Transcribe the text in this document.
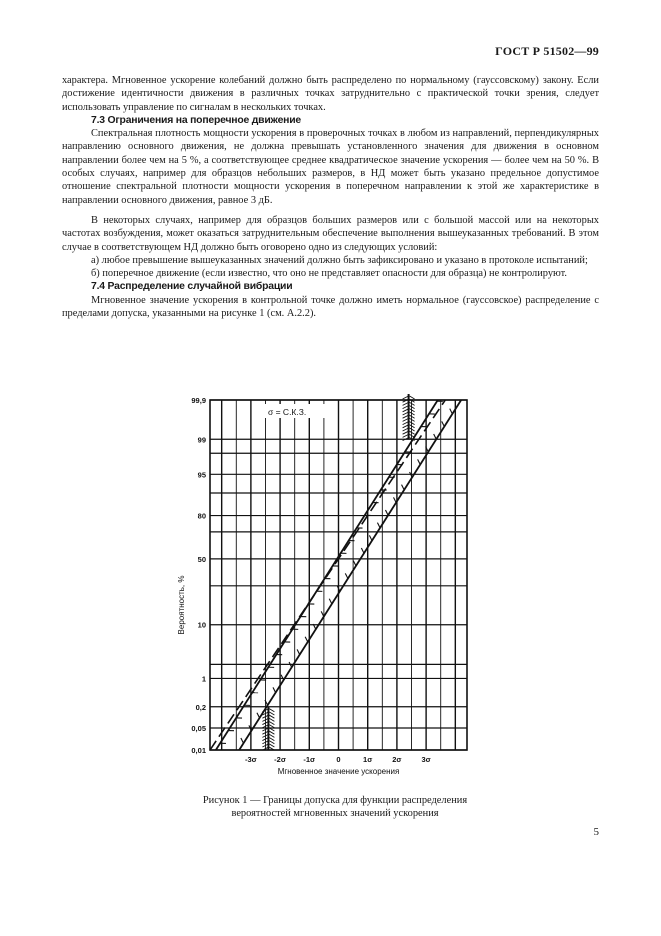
ГОСТ Р 51502—99

характера. Мгновенное ускорение колебаний должно быть распределено по нормальному (гауссовскому) закону. Если достижение идентичности движения в различных точках затруднительно с практической точки зрения, следует использовать управление по сигналам в нескольких точках.

7.3 Ограничения на поперечное движение

Спектральная плотность мощности ускорения в проверочных точках в любом из направлений, перпендикулярных направлению основного движения, не должна превышать установленного значения для движения в основном направлении более чем на 5 %, а соответствующее среднее квадратическое значение ускорения — более чем на 50 %. В особых случаях, например для образцов небольших размеров, в НД может быть указано предельное допустимое отношение спектральной плотности мощности ускорения в поперечном направлении к этой же характеристике в направлении основного движения, равное 3 дБ.

В некоторых случаях, например для образцов больших размеров или с большой массой или на некоторых частотах возбуждения, может оказаться затруднительным обеспечение выполнения вышеуказанных требований. В этом случае в соответствующем НД должно быть оговорено одно из следующих условий:

а) любое превышение вышеуказанных значений должно быть зафиксировано и указано в протоколе испытаний;

б) поперечное движение (если известно, что оно не представляет опасности для образца) не контролируют.

7.4 Распределение случайной вибрации

Мгновенное значение ускорения в контрольной точке должно иметь нормальное (гауссовское) распределение с пределами допуска, указанными на рисунке 1 (см. А.2.2).

99,9
99
95
80
50
10
1
0,2
0,05
0,01
-3σ -2σ -1σ	0	1σ	2σ	3σ
σ = С.К.З.
Мгновенное значение ускорения
Вероятность, %
Рисунок 1 — Границы допуска для функции распределения
вероятностей мгновенных значений ускорения
5
